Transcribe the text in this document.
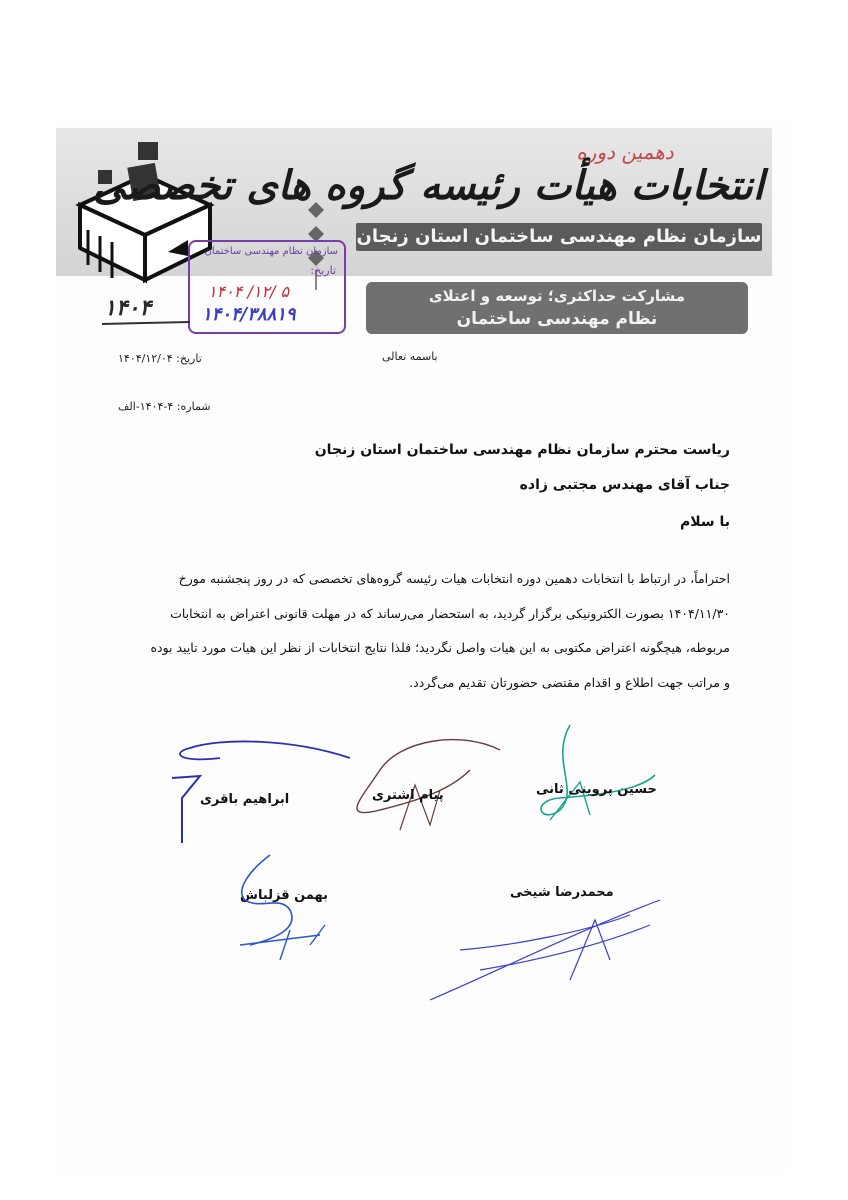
دهمین دوره
انتخابات هیأت رئیسه گروه های تخصصی
سازمان نظام مهندسی ساختمان استان زنجان
مشارکت حداکثری؛ توسعه و اعتلای
نظام مهندسی ساختمان
سازمان نظام مهندسی ساختمان
تاریخ:
۱۴۰۴ /۱۲/ ۵
۱۴۰۴/۳۸۸۱۹
۱۴۰۴
باسمه تعالی
تاریخ: ۱۴۰۴/۱۲/۰۴
شماره: ۴-۱۴۰۴-الف
ریاست محترم سازمان نظام مهندسی ساختمان استان زنجان
جناب آقای مهندس مجتبی زاده
با سلام
احتراماً، در ارتباط با انتخابات دهمین دوره انتخابات هیات رئیسه گروه‌های تخصصی که در روز پنجشنبه مورخ
۱۴۰۴/۱۱/۳۰ بصورت الکترونیکی برگزار گردید، به استحضار می‌رساند که در مهلت قانونی اعتراض به انتخابات
مربوطه، هیچگونه اعتراض مکتوبی به این هیات واصل نگردید؛ فلذا نتایج انتخابات از نظر این هیات مورد تایید بوده
و مراتب جهت اطلاع و اقدام مقتضی حضورتان تقدیم می‌گردد.
حسین پروینی ثانی
پیام اشتری
ابراهیم باقری
محمدرضا شیخی
بهمن قزلباش
